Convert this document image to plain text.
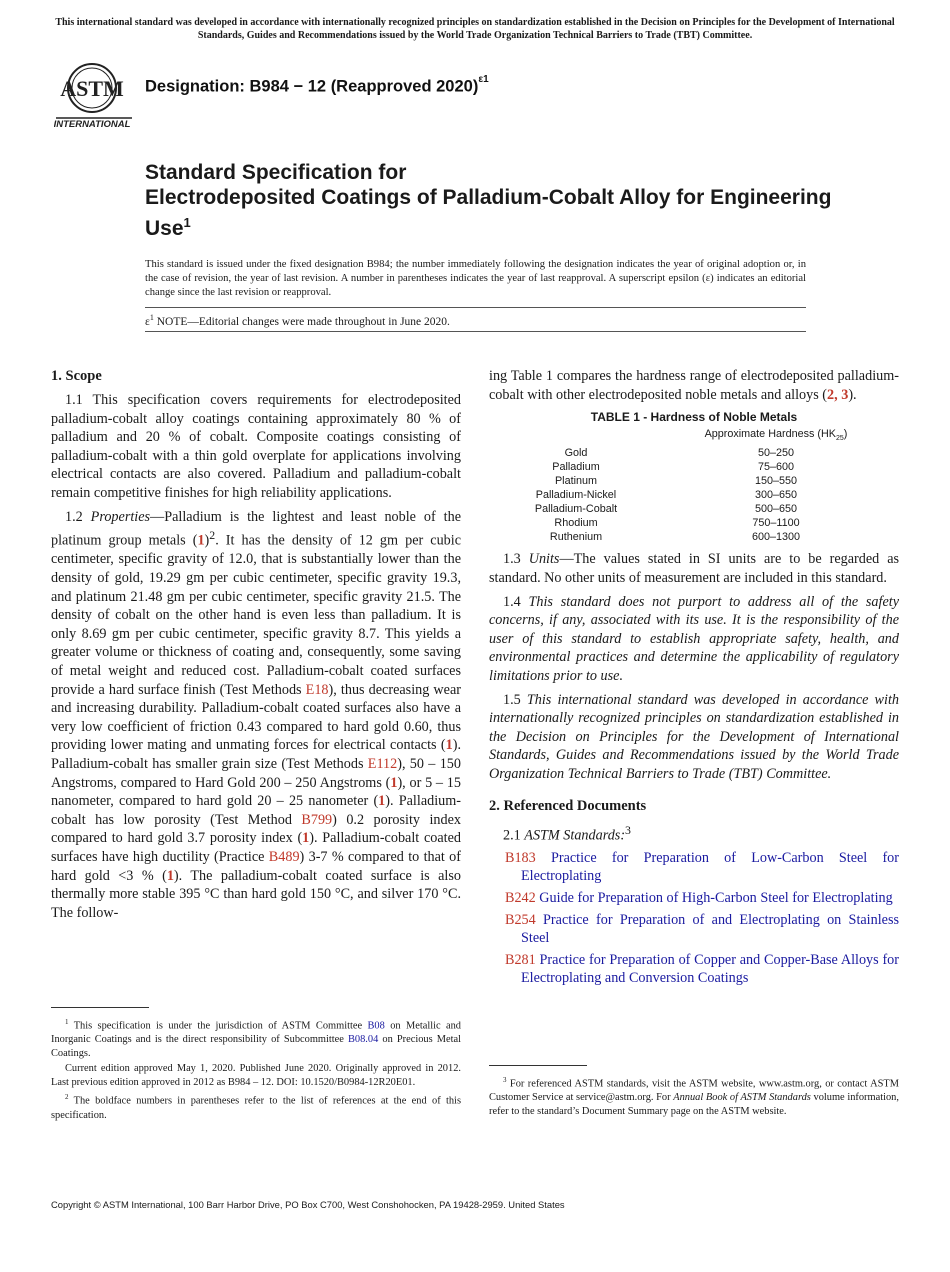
This international standard was developed in accordance with internationally recognized principles on standardization established in the Decision on Principles for the Development of International Standards, Guides and Recommendations issued by the World Trade Organization Technical Barriers to Trade (TBT) Committee.
ASTM
INTERNATIONAL
Designation: B984 − 12 (Reapproved 2020)$^{\varepsilon 1}$
Standard Specification for
Electrodeposited Coatings of Palladium-Cobalt Alloy for Engineering Use$^1$

This standard is issued under the fixed designation B984; the number immediately following the designation indicates the year of original adoption or, in the case of revision, the year of last revision. A number in parentheses indicates the year of last reapproval. A superscript epsilon (ε) indicates an editorial change since the last revision or reapproval.

$\varepsilon^1$ NOTE—Editorial changes were made throughout in June 2020.
1. Scope

1.1 This specification covers requirements for electrodeposited palladium-cobalt alloy coatings containing approximately 80 % of palladium and 20 % of cobalt. Composite coatings consisting of palladium-cobalt with a thin gold overplate for applications involving electrical contacts are also covered. Palladium and palladium-cobalt remain competitive finishes for high reliability applications.

1.2 Properties—Palladium is the lightest and least noble of the platinum group metals $(1)^2$. It has the density of 12 gm per cubic centimeter, specific gravity of 12.0, that is substantially lower than the density of gold, 19.29 gm per cubic centimeter, specific gravity 19.3, and platinum 21.48 gm per cubic centimeter, specific gravity 21.5. The density of cobalt on the other hand is even less than palladium. It is only 8.69 gm per cubic centimeter, specific gravity 8.7. This yields a greater volume or thickness of coating and, consequently, some saving of metal weight and reduced cost. Palladium-cobalt coated surfaces provide a hard surface finish (Test Methods E18), thus decreasing wear and increasing durability. Palladium-cobalt coated surfaces also have a very low coefficient of friction 0.43 compared to hard gold 0.60, thus providing lower mating and unmating forces for electrical contacts (1). Palladium-cobalt has smaller grain size (Test Methods E112), 50 – 150 Angstroms, compared to Hard Gold 200 – 250 Angstroms (1), or 5 – 15 nanometer, compared to hard gold 20 – 25 nanometer (1). Palladium-cobalt has low porosity (Test Method B799) 0.2 porosity index compared to hard gold 3.7 porosity index (1). Palladium-cobalt coated surfaces have high ductility (Practice B489) 3-7 % compared to that of hard gold <3 % (1). The palladium-cobalt coated surface is also thermally more stable 395 °C than hard gold 150 °C, and silver 170 °C. The follow-

$^1$ This specification is under the jurisdiction of ASTM Committee B08 on Metallic and Inorganic Coatings and is the direct responsibility of Subcommittee B08.04 on Precious Metal Coatings.

Current edition approved May 1, 2020. Published June 2020. Originally approved in 2012. Last previous edition approved in 2012 as B984 – 12. DOI: 10.1520/B0984-12R20E01.

$^2$ The boldface numbers in parentheses refer to the list of references at the end of this specification.

ing Table 1 compares the hardness range of electrodeposited palladium-cobalt with other electrodeposited noble metals and alloys (2, 3).

TABLE 1 - Hardness of Noble Metals
	Approximate Hardness $(HK_{25})$
Gold	50–250
Palladium	75–600
Platinum	150–550
Palladium-Nickel	300–650
Palladium-Cobalt	500–650
Rhodium	750–1100
Ruthenium	600–1300

1.3 Units—The values stated in SI units are to be regarded as standard. No other units of measurement are included in this standard.

1.4 This standard does not purport to address all of the safety concerns, if any, associated with its use. It is the responsibility of the user of this standard to establish appropriate safety, health, and environmental practices and determine the applicability of regulatory limitations prior to use.

1.5 This international standard was developed in accordance with internationally recognized principles on standardization established in the Decision on Principles for the Development of International Standards, Guides and Recommendations issued by the World Trade Organization Technical Barriers to Trade (TBT) Committee.

2. Referenced Documents

2.1 ASTM Standards:$^3$

B183 Practice for Preparation of Low-Carbon Steel for Electroplating
B242 Guide for Preparation of High-Carbon Steel for Electroplating
B254 Practice for Preparation of and Electroplating on Stainless Steel
B281 Practice for Preparation of Copper and Copper-Base Alloys for Electroplating and Conversion Coatings

$^3$ For referenced ASTM standards, visit the ASTM website, www.astm.org, or contact ASTM Customer Service at service@astm.org. For Annual Book of ASTM Standards volume information, refer to the standard’s Document Summary page on the ASTM website.

Copyright © ASTM International, 100 Barr Harbor Drive, PO Box C700, West Conshohocken, PA 19428-2959. United States
